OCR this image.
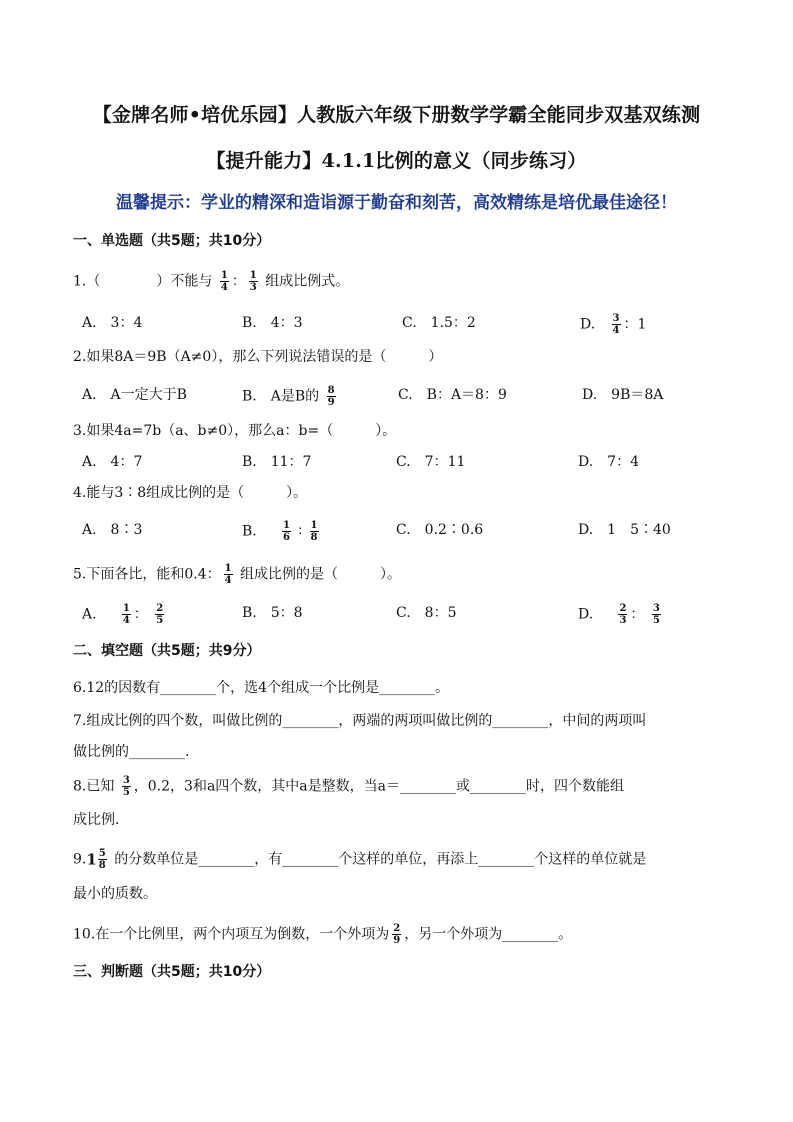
【金牌名师•培优乐园】人教版六年级下册数学学霸全能同步双基双练测
【提升能力】4.1.1比例的意义（同步练习）
温馨提示：学业的精深和造诣源于勤奋和刻苦，高效精练是培优最佳途径！
一、单选题（共5题；共10分）
1.（　　　　）不能与 $\frac{1}{4}$ ： $\frac{1}{3}$ 组成比例式。
A.　3：4	B.　4：3	C.　1.5：2	D. $\frac{3}{4}$ ：1
2.如果8A＝9B（A≠0），那么下列说法错误的是（　　　）
A.　A一定大于B	B.　A是B的 $\frac{8}{9}$	C.　B：A＝8：9	D.　9B＝8A
3.如果4a=7b（a、b≠0），那么a：b=（　　　）。
A.　4：7	B.　11：7	C.　7：11	D.　7：4
4.能与3∶8组成比例的是（　　　）。
A.　8∶3	B.	$\frac{1}{6}$ ∶ $\frac{1}{8}$	C.　0.2∶0.6	D.　1　5∶40
5.下面各比，能和0.4： $\frac{1}{4}$ 组成比例的是（　　　）。
A.	$\frac{1}{4}$ ： $\frac{2}{5}$	B.　5：8	C.　8：5	D.	$\frac{2}{3}$ ： $\frac{3}{5}$
二、填空题（共5题；共9分）
6.12的因数有________个，选4个组成一个比例是________。
7.组成比例的四个数，叫做比例的________，两端的两项叫做比例的________，中间的两项叫
做比例的________.
8.已知 $\frac{3}{5}$ ，0.2，3和a四个数，其中a是整数，当a＝________或________时，四个数能组
成比例.
$9.1 \frac{5}{8}$ 的分数单位是________，有________个这样的单位，再添上________个这样的单位就是
最小的质数。
10.在一个比例里，两个内项互为倒数，一个外项为 $\frac{2}{9}$ ，另一个外项为________。
三、判断题（共5题；共10分）
